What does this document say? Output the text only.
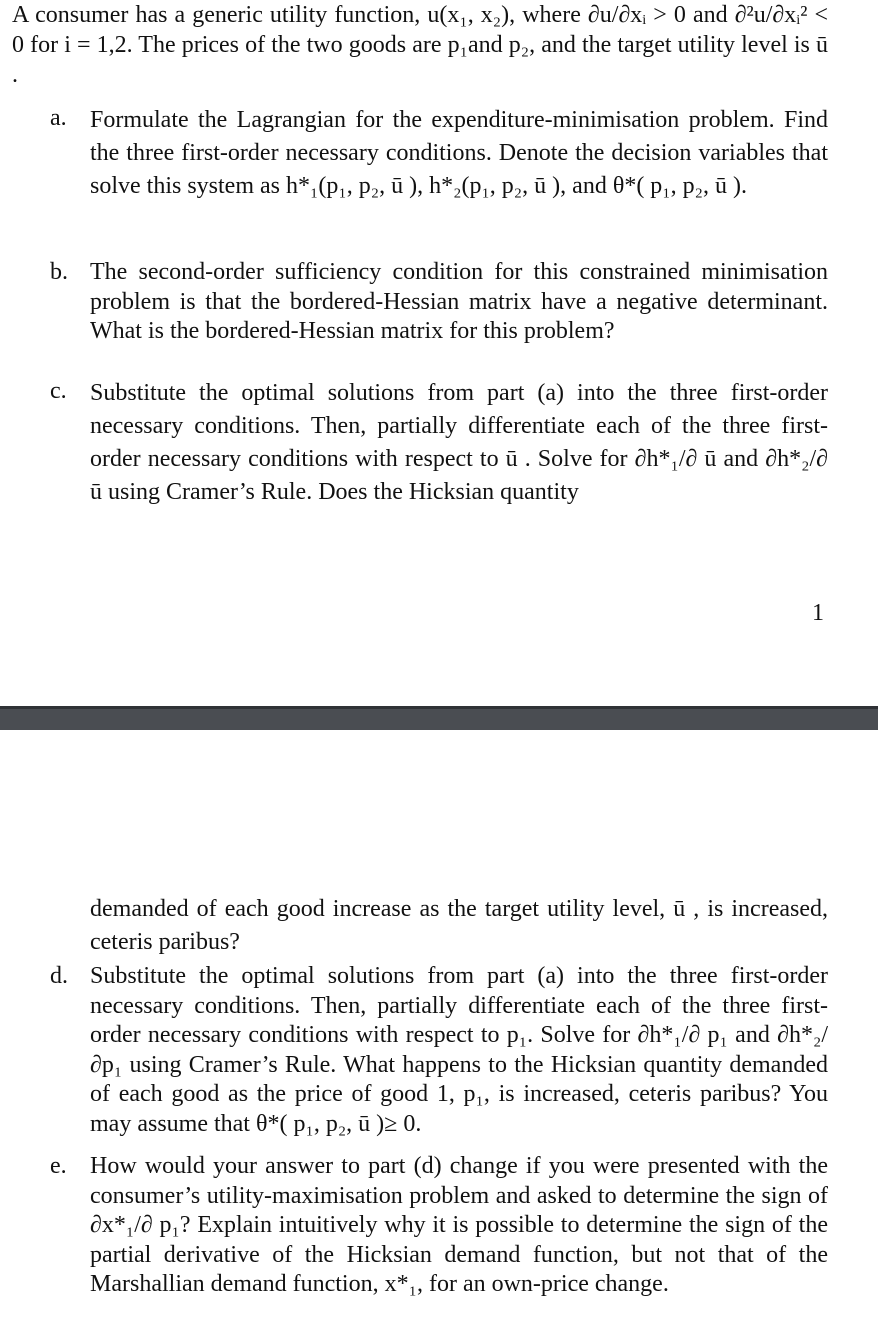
A consumer has a generic utility function, u(x₁, x₂), where ∂u/∂xᵢ > 0 and ∂²u/∂xᵢ² < 0 for i = 1,2. The prices of the two goods are p₁and p₂, and the target utility level is ū .

a. Formulate the Lagrangian for the expenditure-minimisation problem. Find the three first-order necessary conditions. Denote the decision variables that solve this system as h*₁(p₁, p₂, ū ), h*₂(p₁, p₂, ū ), and θ*( p₁, p₂, ū ).
b. The second-order sufficiency condition for this constrained minimisation problem is that the bordered-Hessian matrix have a negative determinant. What is the bordered-Hessian matrix for this problem?
c. Substitute the optimal solutions from part (a) into the three first-order necessary conditions. Then, partially differentiate each of the three first-order necessary conditions with respect to ū . Solve for ∂h*₁/∂ ū and ∂h*₂/∂ ū using Cramer’s Rule. Does the Hicksian quantity
1
demanded of each good increase as the target utility level, ū , is increased, ceteris paribus?
d. Substitute the optimal solutions from part (a) into the three first-order necessary conditions. Then, partially differentiate each of the three first-order necessary conditions with respect to p₁. Solve for ∂h*₁/∂ p₁ and ∂h*₂/∂p₁ using Cramer’s Rule. What happens to the Hicksian quantity demanded of each good as the price of good 1, p₁, is increased, ceteris paribus? You may assume that θ*( p₁, p₂, ū )≥ 0.
e. How would your answer to part (d) change if you were presented with the consumer’s utility-maximisation problem and asked to determine the sign of ∂x*₁/∂ p₁? Explain intuitively why it is possible to determine the sign of the partial derivative of the Hicksian demand function, but not that of the Marshallian demand function, x*₁, for an own-price change.
